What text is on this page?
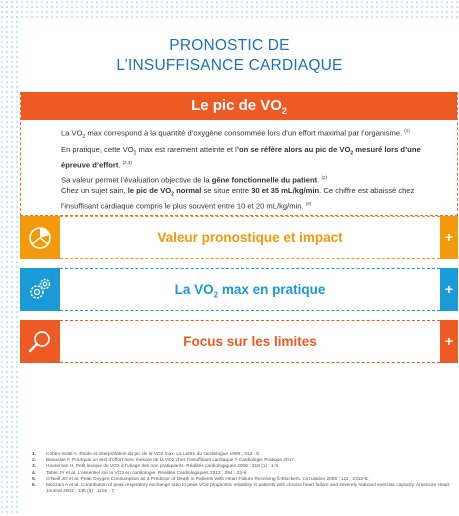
PRONOSTIC DE
L’INSUFFISANCE CARDIAQUE
Le pic de $VO_2$

La $VO_2$ max correspond à la quantité d’oxygène consommée lors d’un effort maximal par l’organisme. $^{(1)}$

En pratique, cette $VO_2$ max est rarement atteinte et l’on se réfère alors au pic de $VO_2$ mesuré lors d’une épreuve d’effort. $^{(2,3)}$

Sa valeur permet l’évaluation objective de la gêne fonctionnelle du patient. $^{(2)}$
Chez un sujet sain, le pic de $VO_2$ normal se situe entre 30 et 35 mL/kg/min. Ce chiffre est abaissé chez l’insuffisant cardiaque compris le plus souvent entre 10 et 20 mL/kg/min. $^{(4)}$

Valeur pronostique et impact	+
La $VO_2$ max en pratique	+
Focus sur les limites	+
1.	Cohen-Solal A. Étude et interprétation du pic de la VO2 max. La Lettre du cardiologue 1999 ; 313 : 9.
2.	Beaussie F. Pourquoi un test d’effort avec mesure de la VO2 chez l’insuffisant cardiaque ? Cardiologie Pratique 2017.
3.	Hooreman H. Petit lexique de VO2 à l’usage des non pratiquants. Réalités cardiologiques 2006 ; 218 (1) : 1-5.
4.	Tabet JY et al. L’essentiel sur la VO2 en cardiologie. Réalités Cardiologiques 2013 ; 294 : 23-9.
5.	O’Neill JO et al. Peak Oxygen Consumption as a Predictor of Death in Patients With Heart Failure Receiving ß-Blockers. Circulation 2005 ; 111 : 2313-8.
6.	Mezzani A et al. Contribution of peak respiratory exchange ratio to peak VO2 prognostic reliability in patients with chronic heart failure and severely reduced exercise capacity. American Heart Journal 2003 ; 145 (6) : 1102 - 7.
